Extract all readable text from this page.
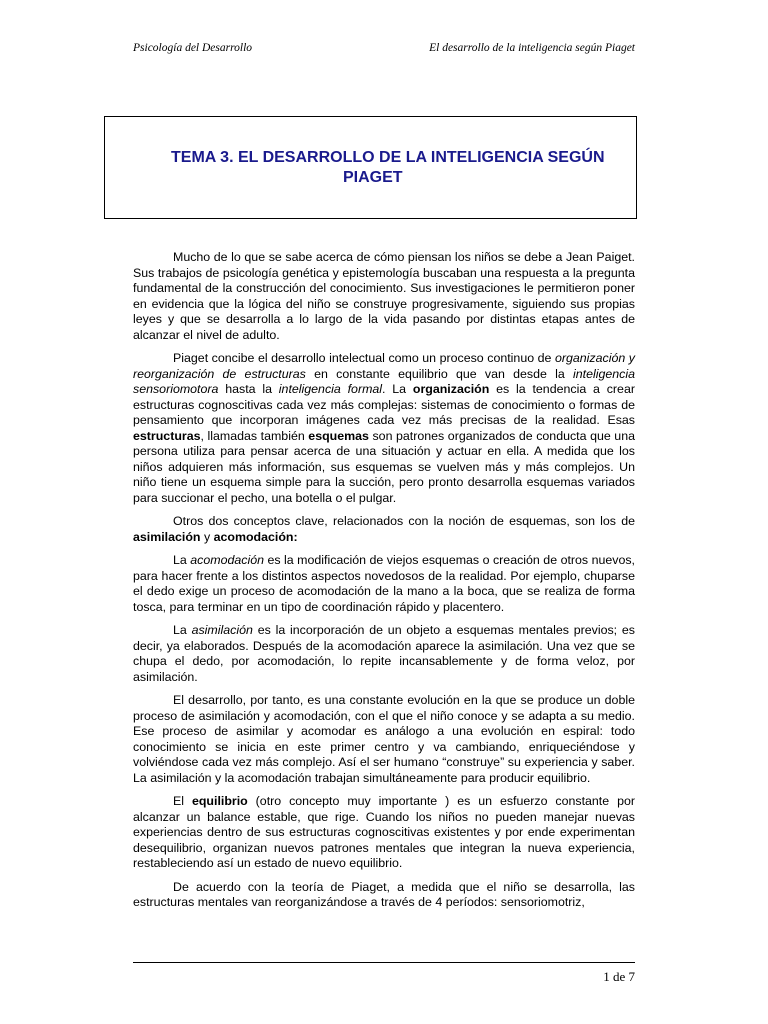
Psicología del Desarrollo	El desarrollo de la inteligencia según Piaget
TEMA 3. EL DESARROLLO DE LA INTELIGENCIA SEGÚN
PIAGET

Mucho de lo que se sabe acerca de cómo piensan los niños se debe a Jean Paiget. Sus trabajos de psicología genética y epistemología buscaban una respuesta a la pregunta fundamental de la construcción del conocimiento. Sus investigaciones le permitieron poner en evidencia que la lógica del niño se construye progresivamente, siguiendo sus propias leyes y que se desarrolla a lo largo de la vida pasando por distintas etapas antes de alcanzar el nivel de adulto.

Piaget concibe el desarrollo intelectual como un proceso continuo de organización y reorganización de estructuras en constante equilibrio que van desde la inteligencia sensoriomotora hasta la inteligencia formal. La organización es la tendencia a crear estructuras cognoscitivas cada vez más complejas: sistemas de conocimiento o formas de pensamiento que incorporan imágenes cada vez más precisas de la realidad. Esas estructuras, llamadas también esquemas son patrones organizados de conducta que una persona utiliza para pensar acerca de una situación y actuar en ella. A medida que los niños adquieren más información, sus esquemas se vuelven más y más complejos. Un niño tiene un esquema simple para la succión, pero pronto desarrolla esquemas variados para succionar el pecho, una botella o el pulgar.

Otros dos conceptos clave, relacionados con la noción de esquemas, son los de asimilación y acomodación:

La acomodación es la modificación de viejos esquemas o creación de otros nuevos, para hacer frente a los distintos aspectos novedosos de la realidad. Por ejemplo, chuparse el dedo exige un proceso de acomodación de la mano a la boca, que se realiza de forma tosca, para terminar en un tipo de coordinación rápido y placentero.

La asimilación es la incorporación de un objeto a esquemas mentales previos; es decir, ya elaborados. Después de la acomodación aparece la asimilación. Una vez que se chupa el dedo, por acomodación, lo repite incansablemente y de forma veloz, por asimilación.

El desarrollo, por tanto, es una constante evolución en la que se produce un doble proceso de asimilación y acomodación, con el que el niño conoce y se adapta a su medio. Ese proceso de asimilar y acomodar es análogo a una evolución en espiral: todo conocimiento se inicia en este primer centro y va cambiando, enriqueciéndose y volviéndose cada vez más complejo. Así el ser humano “construye” su experiencia y saber. La asimilación y la acomodación trabajan simultáneamente para producir equilibrio.

El equilibrio (otro concepto muy importante ) es un esfuerzo constante por alcanzar un balance estable, que rige. Cuando los niños no pueden manejar nuevas experiencias dentro de sus estructuras cognoscitivas existentes y por ende experimentan desequilibrio, organizan nuevos patrones mentales que integran la nueva experiencia, restableciendo así un estado de nuevo equilibrio.

De acuerdo con la teoría de Piaget, a medida que el niño se desarrolla, las estructuras mentales van reorganizándose a través de 4 períodos: sensoriomotriz,

1 de 7
